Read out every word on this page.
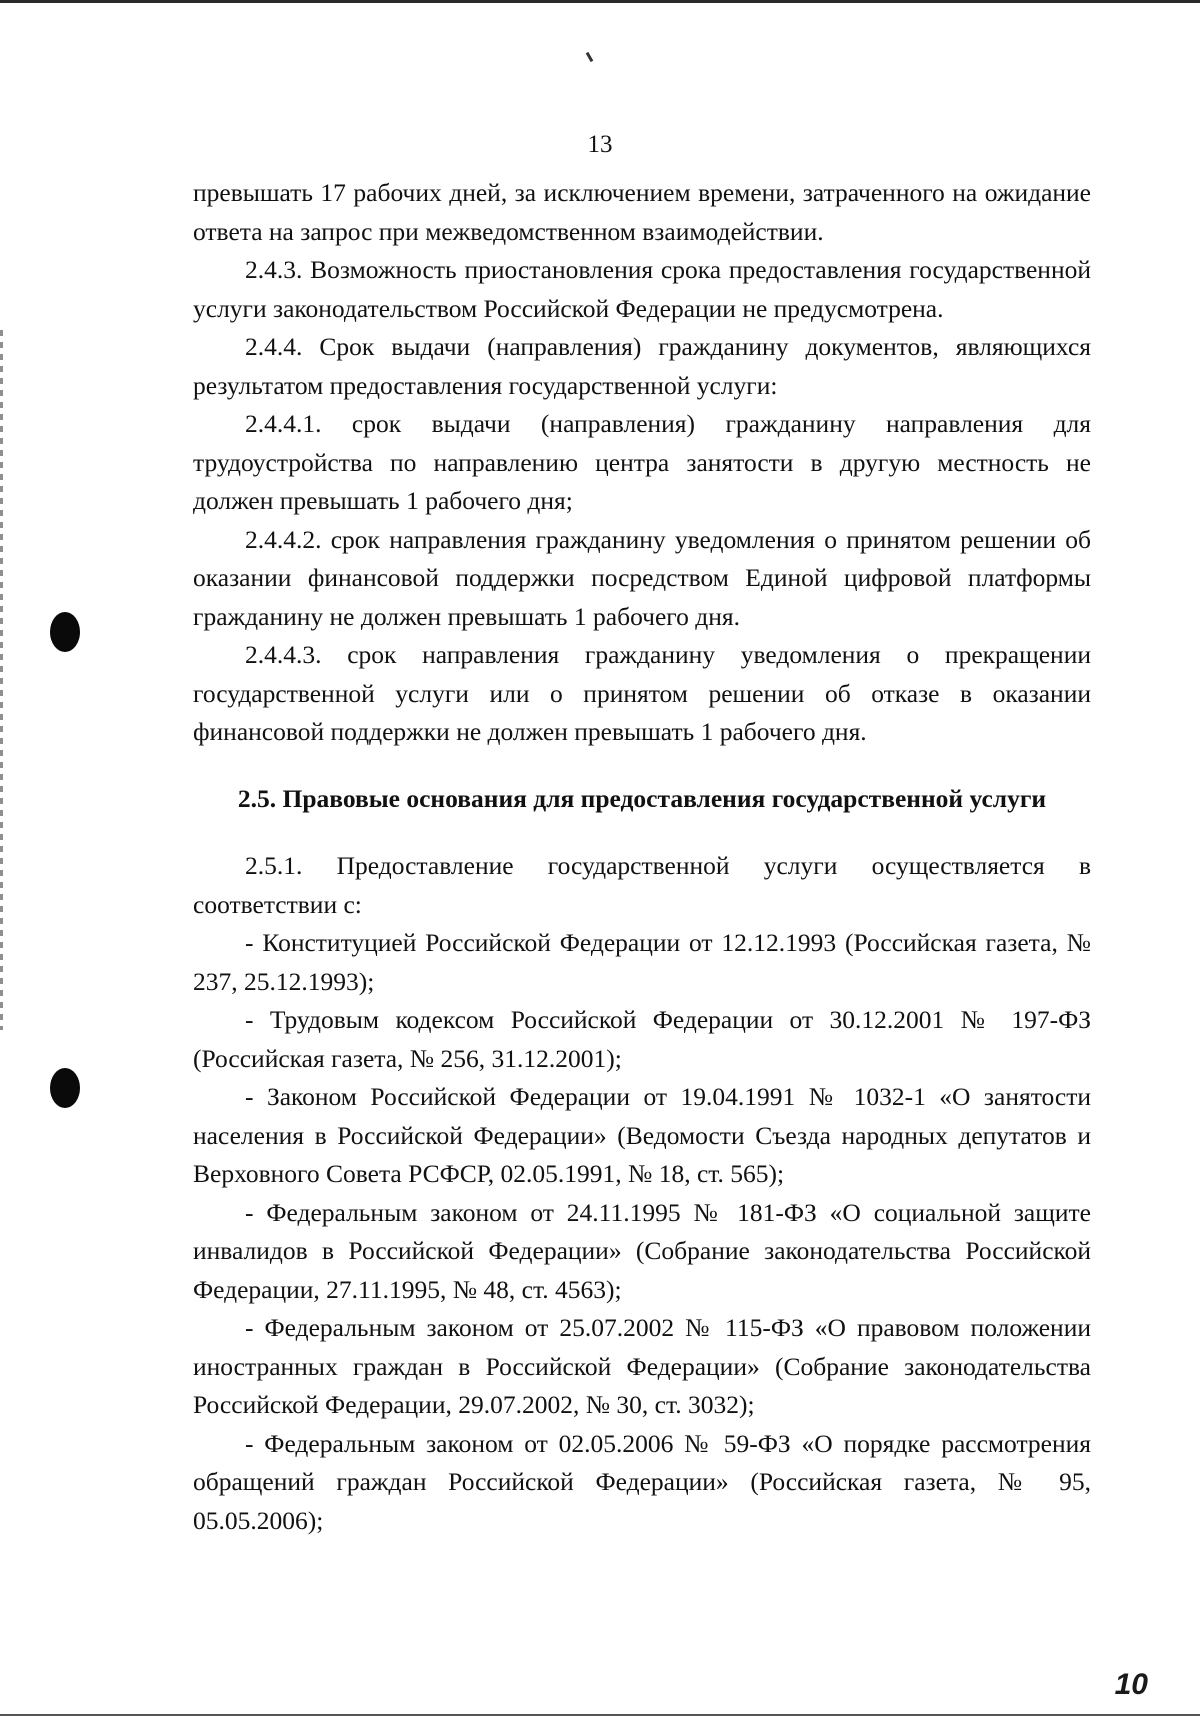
13

превышать 17 рабочих дней, за исключением времени, затраченного на ожидание ответа на запрос при межведомственном взаимодействии.

2.4.3. Возможность приостановления срока предоставления государственной услуги законодательством Российской Федерации не предусмотрена.

2.4.4. Срок выдачи (направления) гражданину документов, являющихся результатом предоставления государственной услуги:

2.4.4.1. срок выдачи (направления) гражданину направления для трудоустройства по направлению центра занятости в другую местность не должен превышать 1 рабочего дня;

2.4.4.2. срок направления гражданину уведомления о принятом решении об оказании финансовой поддержки посредством Единой цифровой платформы гражданину не должен превышать 1 рабочего дня.

2.4.4.3. срок направления гражданину уведомления о прекращении государственной услуги или о принятом решении об отказе в оказании финансовой поддержки не должен превышать 1 рабочего дня.

2.5. Правовые основания для предоставления государственной услуги

2.5.1. Предоставление государственной услуги осуществляется в соответствии с:

- Конституцией Российской Федерации от 12.12.1993 (Российская газета, № 237, 25.12.1993);

- Трудовым кодексом Российской Федерации от 30.12.2001 № 197-ФЗ (Российская газета, № 256, 31.12.2001);

- Законом Российской Федерации от 19.04.1991 № 1032-1 «О занятости населения в Российской Федерации» (Ведомости Съезда народных депутатов и Верховного Совета РСФСР, 02.05.1991, № 18, ст. 565);

- Федеральным законом от 24.11.1995 № 181-ФЗ «О социальной защите инвалидов в Российской Федерации» (Собрание законодательства Российской Федерации, 27.11.1995, № 48, ст. 4563);

- Федеральным законом от 25.07.2002 № 115-ФЗ «О правовом положении иностранных граждан в Российской Федерации» (Собрание законодательства Российской Федерации, 29.07.2002, № 30, ст. 3032);

- Федеральным законом от 02.05.2006 № 59-ФЗ «О порядке рассмотрения обращений граждан Российской Федерации» (Российская газета, № 95, 05.05.2006);

10
